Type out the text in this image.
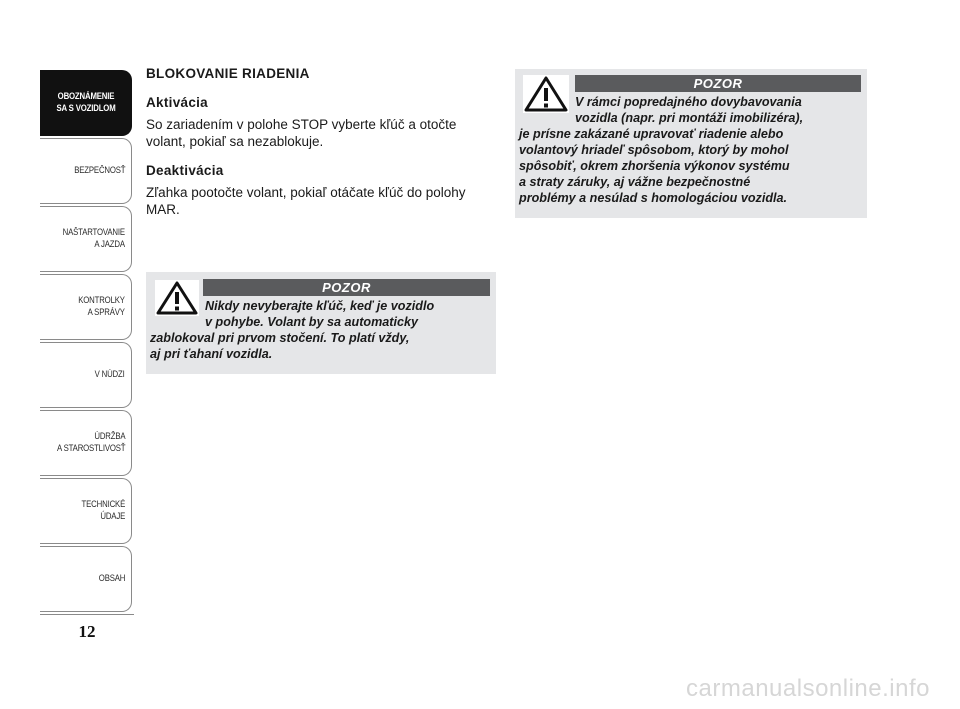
OBOZNÁMENIE
SA S VOZIDLOM
BEZPEČNOSŤ
NAŠTARTOVANIE
A JAZDA
KONTROLKY
A SPRÁVY
V NÚDZI
ÚDRŽBA
A STAROSTLIVOSŤ
TECHNICKÉ
ÚDAJE
OBSAH
12
BLOKOVANIE RIADENIA
Aktivácia
So zariadením v polohe STOP vyberte kľúč a otočte volant, pokiaľ sa nezablokuje.
Deaktivácia
Zľahka pootočte volant, pokiaľ otáčate kľúč do polohy MAR.
POZOR
Nikdy nevyberajte kľúč, keď je vozidlo
v pohybe. Volant by sa automaticky
zablokoval pri prvom stočení. To platí vždy,
aj pri ťahaní vozidla.
POZOR
V rámci popredajného dovybavovania
vozidla (napr. pri montáži imobilizéra),
je prísne zakázané upravovať riadenie alebo
volantový hriadeľ spôsobom, ktorý by mohol
spôsobiť, okrem zhoršenia výkonov systému
a straty záruky, aj vážne bezpečnostné
problémy a nesúlad s homologáciou vozidla.
carmanualsonline.info
